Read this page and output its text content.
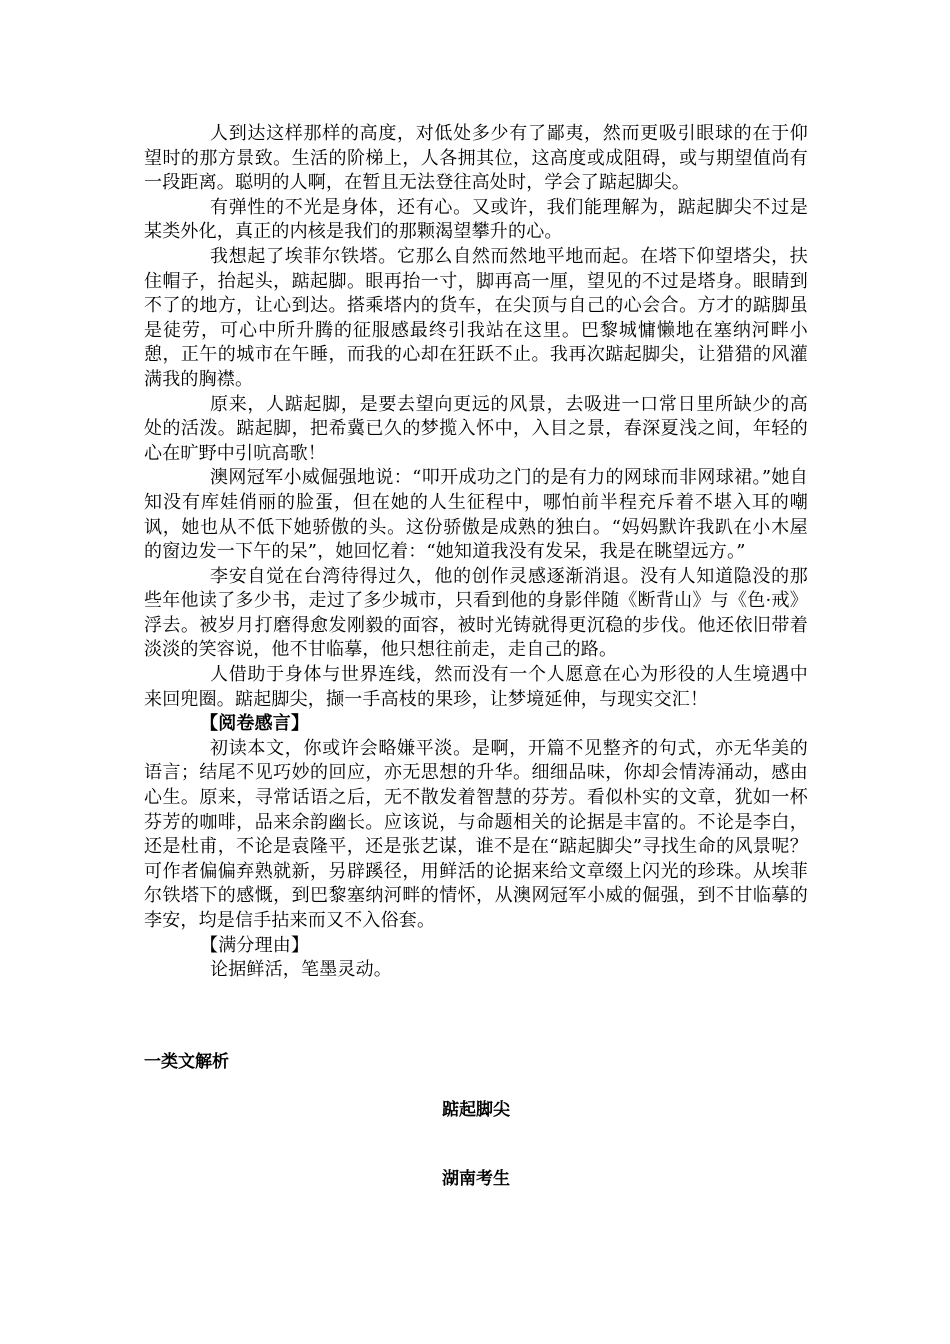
人到达这样那样的高度，对低处多少有了鄙夷，然而更吸引眼球的在于仰望时的那方景致。生活的阶梯上，人各拥其位，这高度或成阻碍，或与期望值尚有一段距离。聪明的人啊，在暂且无法登往高处时，学会了踮起脚尖。

有弹性的不光是身体，还有心。又或许，我们能理解为，踮起脚尖不过是某类外化，真正的内核是我们的那颗渴望攀升的心。

我想起了埃菲尔铁塔。它那么自然而然地平地而起。在塔下仰望塔尖，扶住帽子，抬起头，踮起脚。眼再抬一寸，脚再高一厘，望见的不过是塔身。眼睛到不了的地方，让心到达。搭乘塔内的货车，在尖顶与自己的心会合。方才的踮脚虽是徒劳，可心中所升腾的征服感最终引我站在这里。巴黎城慵懒地在塞纳河畔小憩，正午的城市在午睡，而我的心却在狂跃不止。我再次踮起脚尖，让猎猎的风灌满我的胸襟。

原来，人踮起脚，是要去望向更远的风景，去吸进一口常日里所缺少的高处的活泼。踮起脚，把希冀已久的梦揽入怀中，入目之景，春深夏浅之间，年轻的心在旷野中引吭高歌！

澳网冠军小威倔强地说：“叩开成功之门的是有力的网球而非网球裙。”她自知没有库娃俏丽的脸蛋，但在她的人生征程中，哪怕前半程充斥着不堪入耳的嘲讽，她也从不低下她骄傲的头。这份骄傲是成熟的独白。“妈妈默许我趴在小木屋的窗边发一下午的呆”，她回忆着：“她知道我没有发呆，我是在眺望远方。”

李安自觉在台湾待得过久，他的创作灵感逐渐消退。没有人知道隐没的那些年他读了多少书，走过了多少城市，只看到他的身影伴随《断背山》与《色·戒》浮去。被岁月打磨得愈发刚毅的面容，被时光铸就得更沉稳的步伐。他还依旧带着淡淡的笑容说，他不甘临摹，他只想往前走，走自己的路。

人借助于身体与世界连线，然而没有一个人愿意在心为形役的人生境遇中来回兜圈。踮起脚尖，撷一手高枝的果珍，让梦境延伸，与现实交汇！

【阅卷感言】

初读本文，你或许会略嫌平淡。是啊，开篇不见整齐的句式，亦无华美的语言；结尾不见巧妙的回应，亦无思想的升华。细细品味，你却会情涛涌动，感由心生。原来，寻常话语之后，无不散发着智慧的芬芳。看似朴实的文章，犹如一杯芬芳的咖啡，品来余韵幽长。应该说，与命题相关的论据是丰富的。不论是李白，还是杜甫，不论是袁隆平，还是张艺谋，谁不是在“踮起脚尖”寻找生命的风景呢？可作者偏偏弃熟就新，另辟蹊径，用鲜活的论据来给文章缀上闪光的珍珠。从埃菲尔铁塔下的感慨，到巴黎塞纳河畔的情怀，从澳网冠军小威的倔强，到不甘临摹的李安，均是信手拈来而又不入俗套。

【满分理由】

论据鲜活，笔墨灵动。

一类文解析
踮起脚尖
湖南考生
